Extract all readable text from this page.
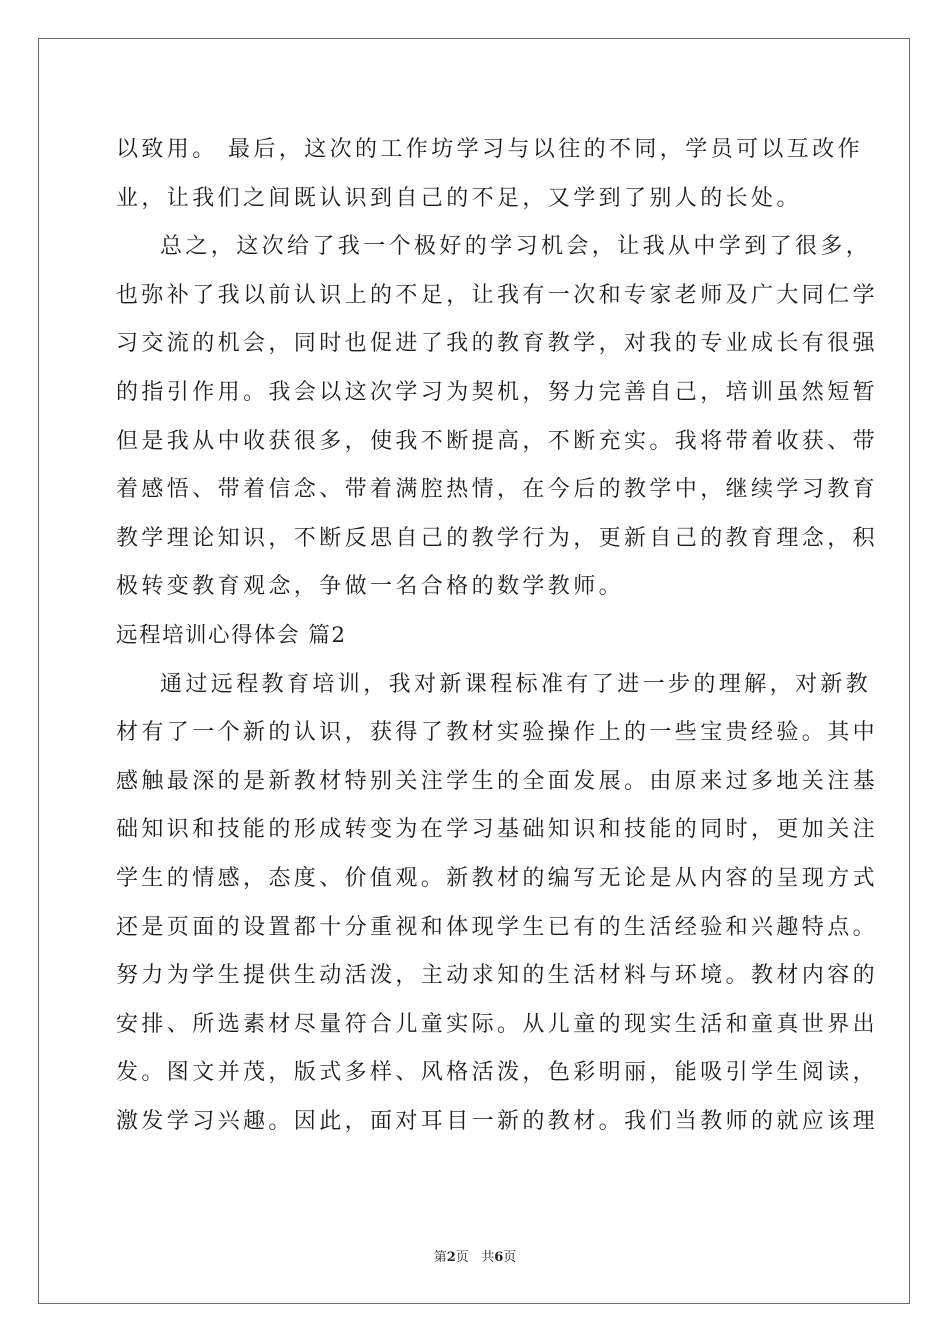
以致用。 最后，这次的工作坊学习与以往的不同，学员可以互改作
业，让我们之间既认识到自己的不足，又学到了别人的长处。
总之，这次给了我一个极好的学习机会，让我从中学到了很多，
也弥补了我以前认识上的不足，让我有一次和专家老师及广大同仁学
习交流的机会，同时也促进了我的教育教学，对我的专业成长有很强
的指引作用。我会以这次学习为契机，努力完善自己，培训虽然短暂
但是我从中收获很多，使我不断提高，不断充实。我将带着收获、带
着感悟、带着信念、带着满腔热情，在今后的教学中，继续学习教育
教学理论知识，不断反思自己的教学行为，更新自己的教育理念，积
极转变教育观念，争做一名合格的数学教师。
远程培训心得体会 篇2
通过远程教育培训，我对新课程标准有了进一步的理解，对新教
材有了一个新的认识，获得了教材实验操作上的一些宝贵经验。其中
感触最深的是新教材特别关注学生的全面发展。由原来过多地关注基
础知识和技能的形成转变为在学习基础知识和技能的同时，更加关注
学生的情感，态度、价值观。新教材的编写无论是从内容的呈现方式
还是页面的设置都十分重视和体现学生已有的生活经验和兴趣特点。
努力为学生提供生动活泼，主动求知的生活材料与环境。教材内容的
安排、所选素材尽量符合儿童实际。从儿童的现实生活和童真世界出
发。图文并茂，版式多样、风格活泼，色彩明丽，能吸引学生阅读，
激发学习兴趣。因此，面对耳目一新的教材。我们当教师的就应该理
第2页 共6页
